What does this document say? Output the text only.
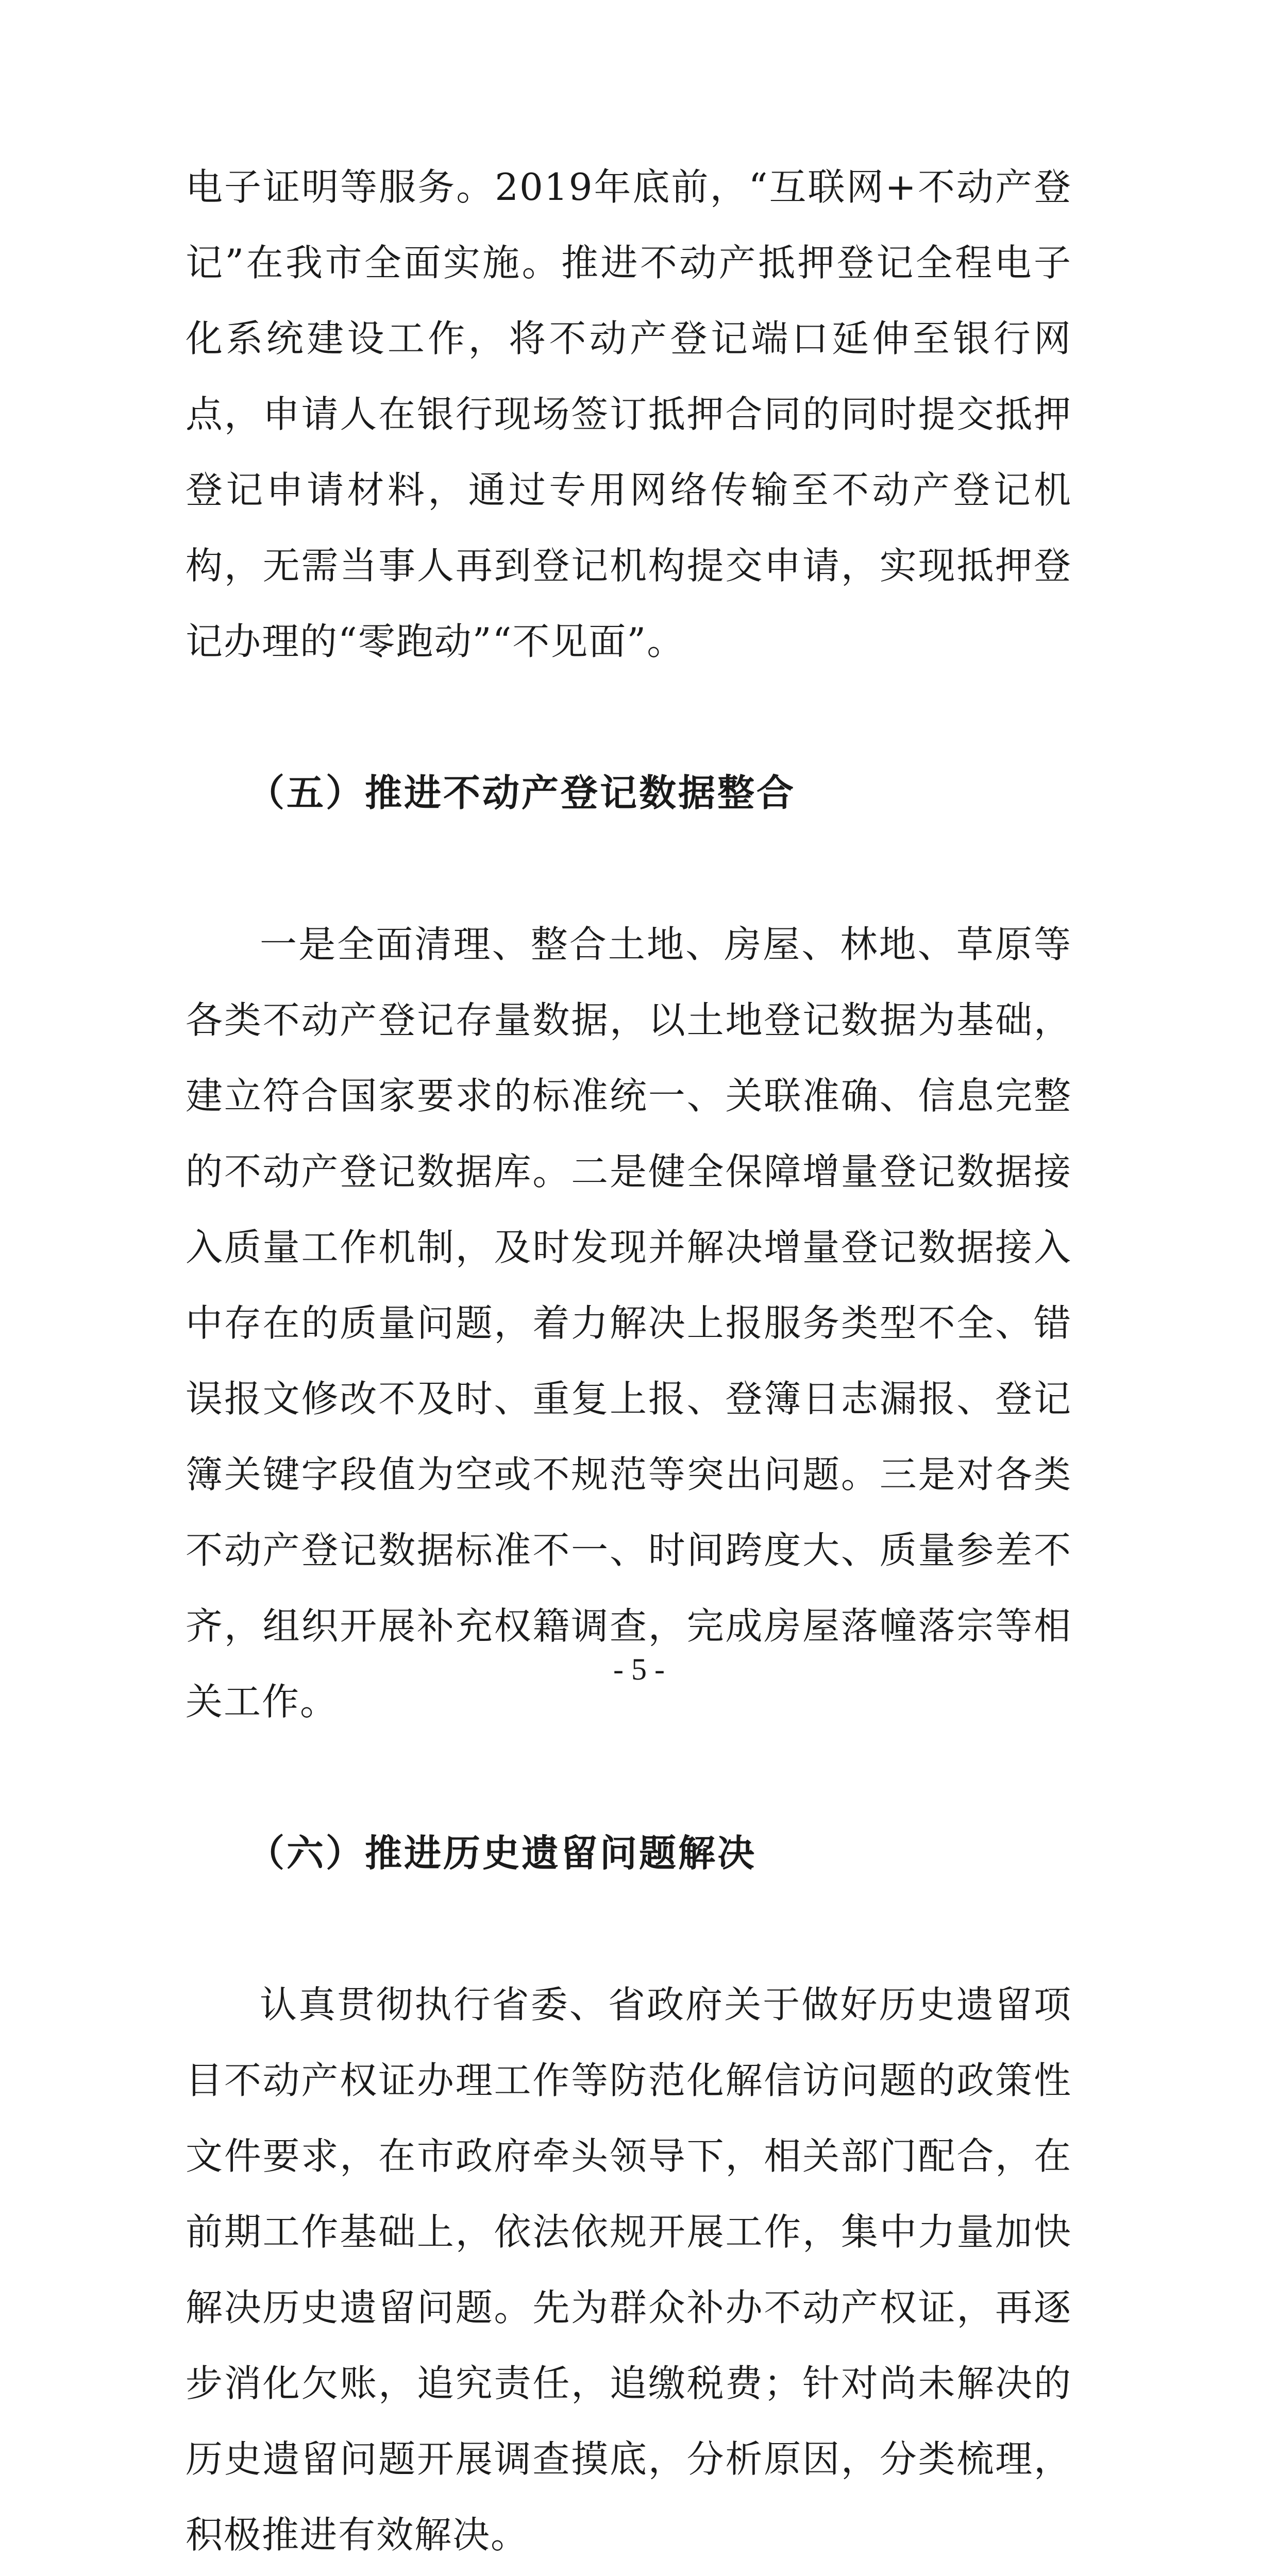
电子证明等服务。2019年底前，“互联网+不动产登记”在我市全面实施。推进不动产抵押登记全程电子化系统建设工作，将不动产登记端口延伸至银行网点，申请人在银行现场签订抵押合同的同时提交抵押登记申请材料，通过专用网络传输至不动产登记机构，无需当事人再到登记机构提交申请，实现抵押登记办理的“零跑动”“不见面”。

（五）推进不动产登记数据整合

一是全面清理、整合土地、房屋、林地、草原等各类不动产登记存量数据，以土地登记数据为基础，建立符合国家要求的标准统一、关联准确、信息完整的不动产登记数据库。二是健全保障增量登记数据接入质量工作机制，及时发现并解决增量登记数据接入中存在的质量问题，着力解决上报服务类型不全、错误报文修改不及时、重复上报、登簿日志漏报、登记簿关键字段值为空或不规范等突出问题。三是对各类不动产登记数据标准不一、时间跨度大、质量参差不齐，组织开展补充权籍调查，完成房屋落幢落宗等相关工作。

（六）推进历史遗留问题解决

认真贯彻执行省委、省政府关于做好历史遗留项目不动产权证办理工作等防范化解信访问题的政策性文件要求，在市政府牵头领导下，相关部门配合，在前期工作基础上，依法依规开展工作，集中力量加快解决历史遗留问题。先为群众补办不动产权证，再逐步消化欠账，追究责任，追缴税费；针对尚未解决的历史遗留问题开展调查摸底，分析原因，分类梳理，积极推进有效解决。

- 5 -
